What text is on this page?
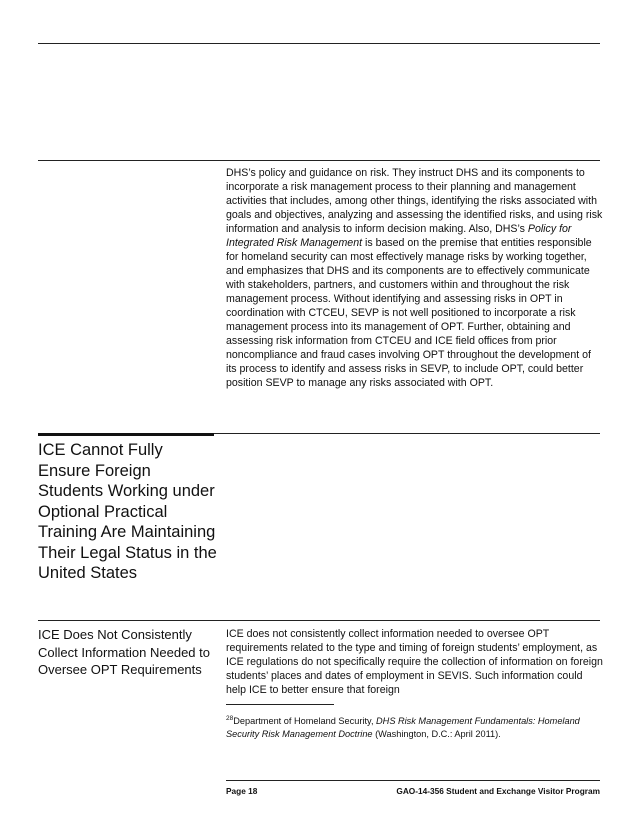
DHS’s policy and guidance on risk. They instruct DHS and its components to incorporate a risk management process to their planning and management activities that includes, among other things, identifying the risks associated with goals and objectives, analyzing and assessing the identified risks, and using risk information and analysis to inform decision making. Also, DHS’s Policy for Integrated Risk Management is based on the premise that entities responsible for homeland security can most effectively manage risks by working together, and emphasizes that DHS and its components are to effectively communicate with stakeholders, partners, and customers within and throughout the risk management process. Without identifying and assessing risks in OPT in coordination with CTCEU, SEVP is not well positioned to incorporate a risk management process into its management of OPT. Further, obtaining and assessing risk information from CTCEU and ICE field offices from prior noncompliance and fraud cases involving OPT throughout the development of its process to identify and assess risks in SEVP, to include OPT, could better position SEVP to manage any risks associated with OPT.

ICE Cannot Fully Ensure Foreign Students Working under Optional Practical Training Are Maintaining Their Legal Status in the United States
ICE Does Not Consistently Collect Information Needed to Oversee OPT Requirements
ICE does not consistently collect information needed to oversee OPT requirements related to the type and timing of foreign students’ employment, as ICE regulations do not specifically require the collection of information on foreign students’ places and dates of employment in SEVIS. Such information could help ICE to better ensure that foreign
$^{28}$Department of Homeland Security, DHS Risk Management Fundamentals: Homeland Security Risk Management Doctrine (Washington, D.C.: April 2011).
Page 18	GAO-14-356 Student and Exchange Visitor Program
